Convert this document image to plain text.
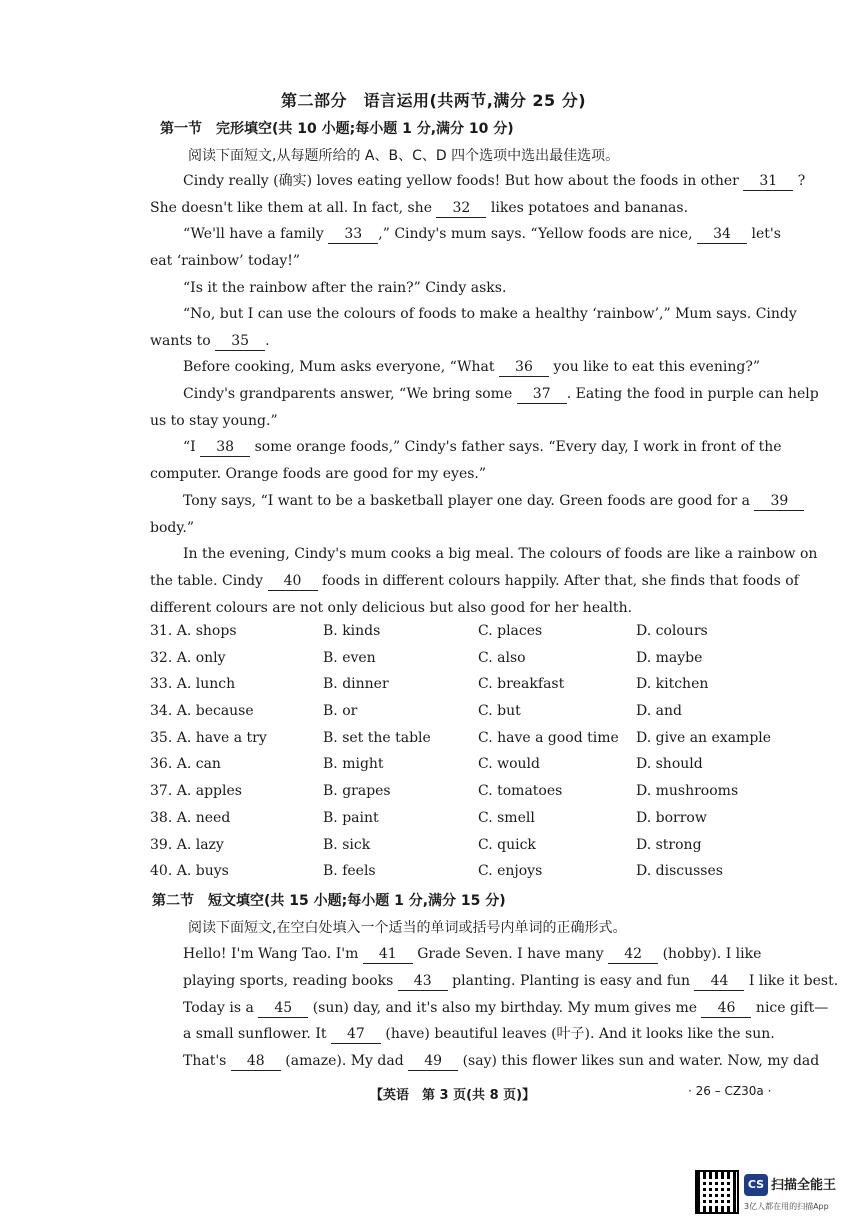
第二部分　语言运用(共两节,满分 25 分)
第一节　完形填空(共 10 小题;每小题 1 分,满分 10 分)
阅读下面短文,从每题所给的 A、B、C、D 四个选项中选出最佳选项。
Cindy really (确实) loves eating yellow foods! But how about the foods in other 31 ?
She doesn't like them at all. In fact, she 32 likes potatoes and bananas.
“We'll have a family 33 ,” Cindy's mum says. “Yellow foods are nice, 34 let's
eat ‘rainbow’ today!”
“Is it the rainbow after the rain?” Cindy asks.
“No, but I can use the colours of foods to make a healthy ‘rainbow’,” Mum says. Cindy
wants to 35 .
Before cooking, Mum asks everyone, “What 36 you like to eat this evening?”
Cindy's grandparents answer, “We bring some 37 . Eating the food in purple can help
us to stay young.”
“I 38 some orange foods,” Cindy's father says. “Every day, I work in front of the
computer. Orange foods are good for my eyes.”
Tony says, “I want to be a basketball player one day. Green foods are good for a 39
body.”
In the evening, Cindy's mum cooks a big meal. The colours of foods are like a rainbow on
the table. Cindy 40 foods in different colours happily. After that, she finds that foods of
different colours are not only delicious but also good for her health.
31. A. shops	B. kinds	C. places	D. colours
32. A. only	B. even	C. also	D. maybe
33. A. lunch	B. dinner	C. breakfast	D. kitchen
34. A. because	B. or	C. but	D. and
35. A. have a try	B. set the table	C. have a good time D. give an example
36. A. can	B. might	C. would	D. should
37. A. apples	B. grapes	C. tomatoes	D. mushrooms
38. A. need	B. paint	C. smell	D. borrow
39. A. lazy	B. sick	C. quick	D. strong
40. A. buys	B. feels	C. enjoys	D. discusses
第二节　短文填空(共 15 小题;每小题 1 分,满分 15 分)
阅读下面短文,在空白处填入一个适当的单词或括号内单词的正确形式。
Hello! I'm Wang Tao. I'm 41 Grade Seven. I have many 42 (hobby). I like
playing sports, reading books 43 planting. Planting is easy and fun 44 I like it best.
Today is a 45 (sun) day, and it's also my birthday. My mum gives me 46 nice gift—
a small sunflower. It 47 (have) beautiful leaves (叶子). And it looks like the sun.
That's 48 (amaze). My dad 49 (say) this flower likes sun and water. Now, my dad
【英语　第 3 页(共 8 页)】	· 26 – CZ30a ·
CS 扫描全能王
3亿人都在用的扫描App
